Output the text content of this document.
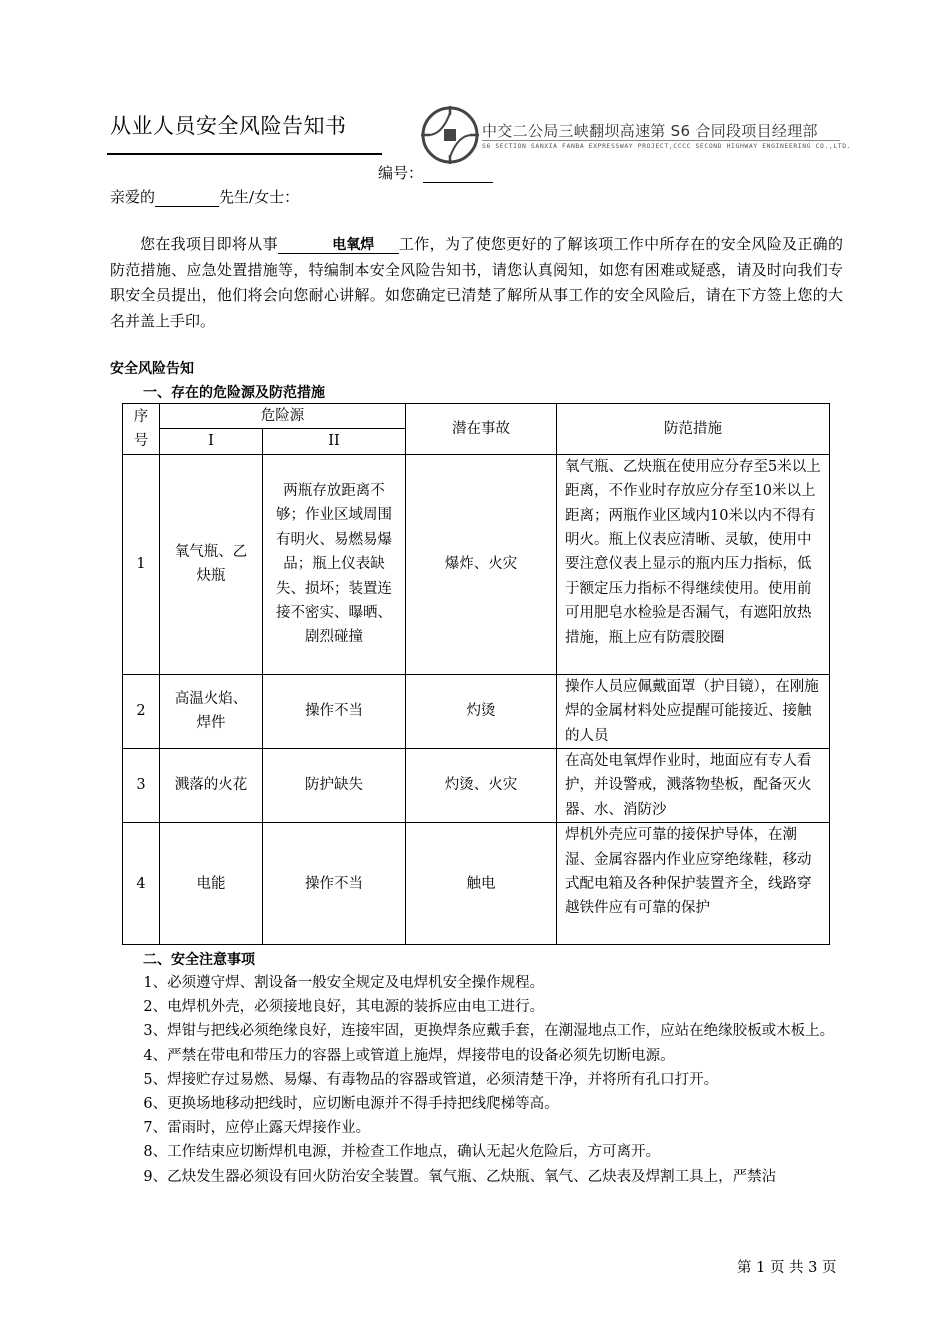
从业人员安全风险告知书	中交二公局三峡翻坝高速第 S6 合同段项目经理部
S6 SECTION SANXIA FANBA EXPRESSWAY PROJECT,CCCC SECOND HIGHWAY ENGINEERING CO.,LTD.
编号：
亲爱的	先生/女士：

您在我项目即将从事	电氧焊 工作，为了使您更好的了解该项工作中所存在的安全风险及正确的防范措施、应急处置措施等，特编制本安全风险告知书，请您认真阅知，如您有困难或疑惑，请及时向我们专职安全员提出，他们将会向您耐心讲解。如您确定已清楚了解所从事工作的安全风险后，请在下方签上您的大名并盖上手印。

安全风险告知
一、存在的危险源及防范措施
序号	危险源		潜在事故	防范措施
	I	II		
1	氧气瓶、乙炔瓶	两瓶存放距离不够；作业区域周围有明火、易燃易爆品；瓶上仪表缺失、损坏；装置连接不密实、曝晒、剧烈碰撞	爆炸、火灾	氧气瓶、乙炔瓶在使用应分存至5米以上距离，不作业时存放应分存至10米以上距离；两瓶作业区域内10米以内不得有明火。瓶上仪表应清晰、灵敏，使用中要注意仪表上显示的瓶内压力指标，低于额定压力指标不得继续使用。使用前可用肥皂水检验是否漏气，有遮阳放热措施，瓶上应有防震胶圈
2	高温火焰、焊件	操作不当	灼烫	操作人员应佩戴面罩（护目镜），在刚施焊的金属材料处应提醒可能接近、接触的人员
3	溅落的火花	防护缺失	灼烫、火灾	在高处电氧焊作业时，地面应有专人看护，并设警戒，溅落物垫板，配备灭火器、水、消防沙
4	电能	操作不当	触电	焊机外壳应可靠的接保护导体，在潮湿、金属容器内作业应穿绝缘鞋，移动式配电箱及各种保护装置齐全，线路穿越铁件应有可靠的保护
二、安全注意事项

1、必须遵守焊、割设备一般安全规定及电焊机安全操作规程。

2、电焊机外壳，必须接地良好，其电源的装拆应由电工进行。

3、焊钳与把线必须绝缘良好，连接牢固，更换焊条应戴手套，在潮湿地点工作，应站在绝缘胶板或木板上。

4、严禁在带电和带压力的容器上或管道上施焊，焊接带电的设备必须先切断电源。

5、焊接贮存过易燃、易爆、有毒物品的容器或管道，必须清楚干净，并将所有孔口打开。

6、更换场地移动把线时，应切断电源并不得手持把线爬梯等高。

7、雷雨时，应停止露天焊接作业。

8、工作结束应切断焊机电源，并检查工作地点，确认无起火危险后，方可离开。

9、乙炔发生器必须设有回火防治安全装置。氧气瓶、乙炔瓶、氧气、乙炔表及焊割工具上，严禁沾

第 1 页 共 3 页
